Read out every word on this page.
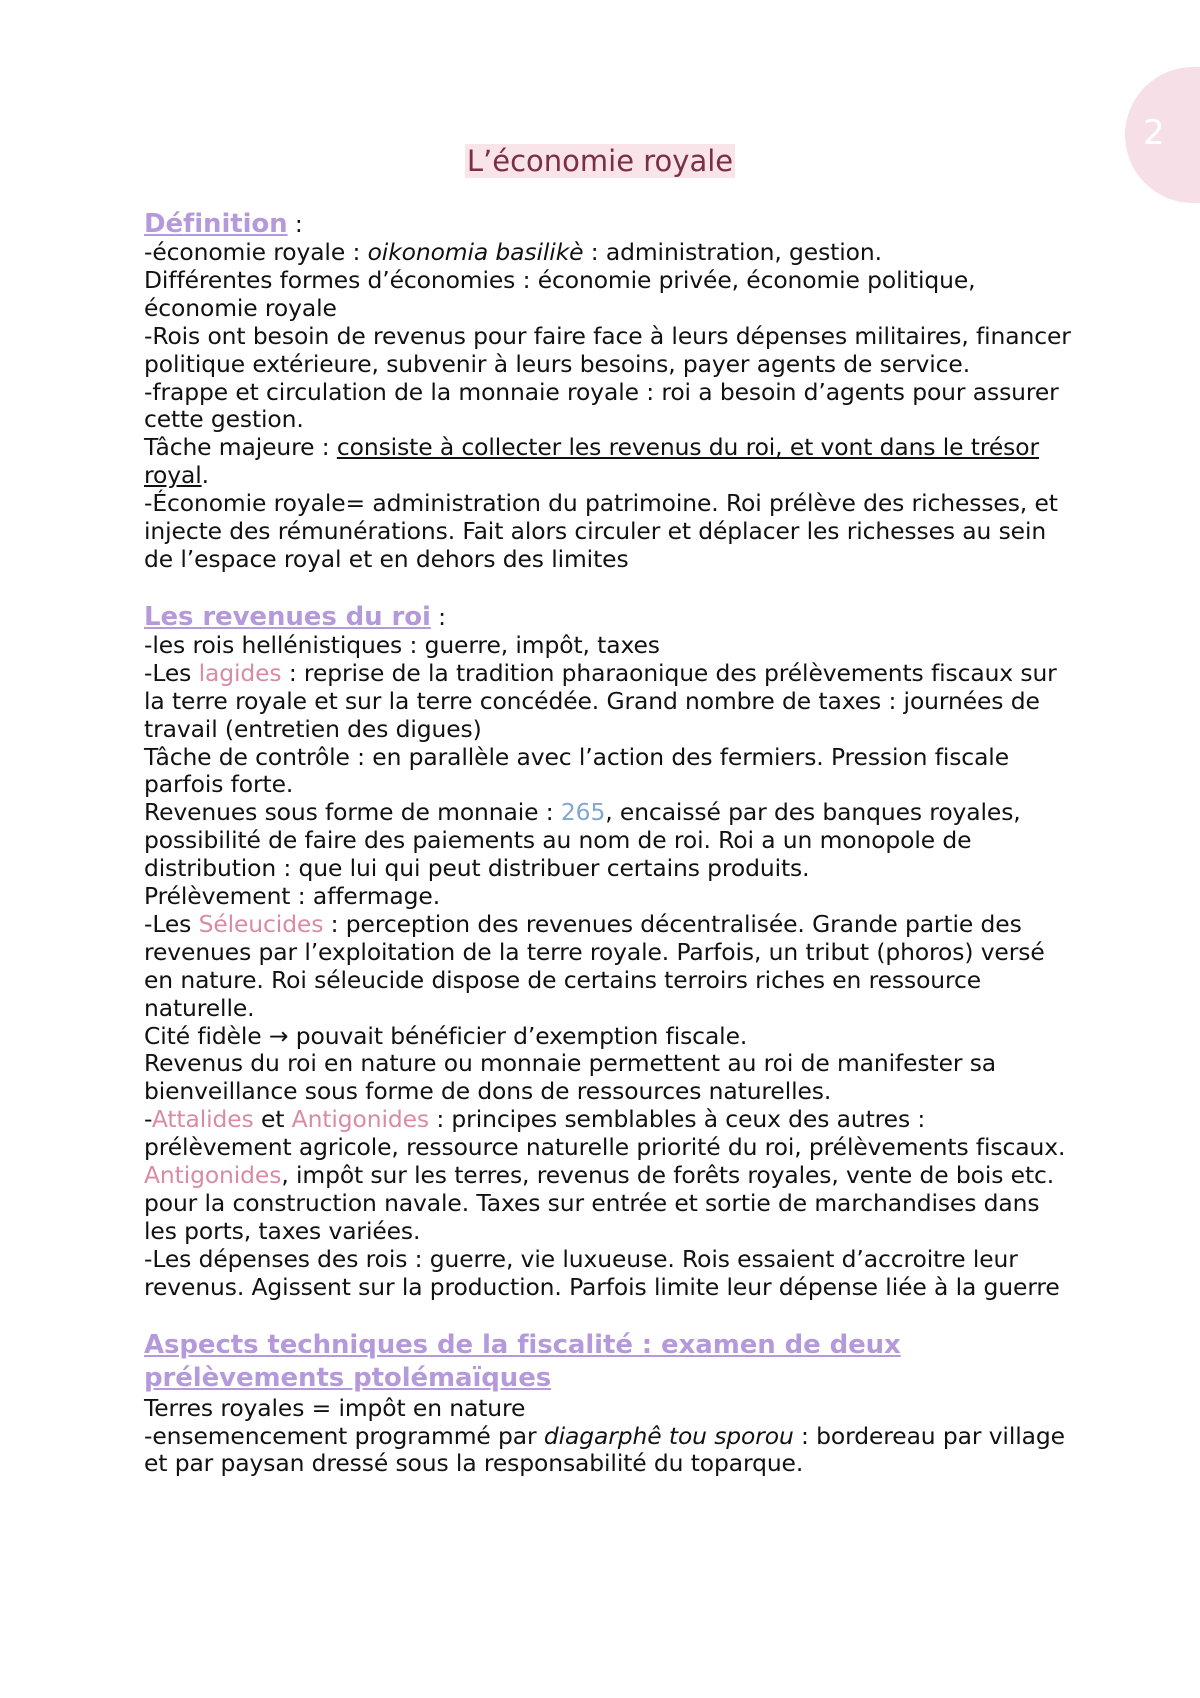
2
L’économie royale

Définition :

-économie royale : oikonomia basilikè : administration, gestion.

Différentes formes d’économies : économie privée, économie politique, économie royale

-Rois ont besoin de revenus pour faire face à leurs dépenses militaires, financer politique extérieure, subvenir à leurs besoins, payer agents de service.

-frappe et circulation de la monnaie royale : roi a besoin d’agents pour assurer cette gestion.

Tâche majeure : consiste à collecter les revenus du roi, et vont dans le trésor royal.

-Économie royale= administration du patrimoine. Roi prélève des richesses, et injecte des rémunérations. Fait alors circuler et déplacer les richesses au sein de l’espace royal et en dehors des limites

Les revenues du roi :

-les rois hellénistiques : guerre, impôt, taxes

-Les lagides : reprise de la tradition pharaonique des prélèvements fiscaux sur la terre royale et sur la terre concédée. Grand nombre de taxes : journées de travail (entretien des digues)

Tâche de contrôle : en parallèle avec l’action des fermiers. Pression fiscale parfois forte.

Revenues sous forme de monnaie : 265, encaissé par des banques royales, possibilité de faire des paiements au nom de roi. Roi a un monopole de distribution : que lui qui peut distribuer certains produits.

Prélèvement : affermage.

-Les Séleucides : perception des revenues décentralisée. Grande partie des revenues par l’exploitation de la terre royale. Parfois, un tribut (phoros) versé en nature. Roi séleucide dispose de certains terroirs riches en ressource naturelle.

Cité fidèle → pouvait bénéficier d’exemption fiscale.

Revenus du roi en nature ou monnaie permettent au roi de manifester sa bienveillance sous forme de dons de ressources naturelles.

-Attalides et Antigonides : principes semblables à ceux des autres : prélèvement agricole, ressource naturelle priorité du roi, prélèvements fiscaux. Antigonides, impôt sur les terres, revenus de forêts royales, vente de bois etc. pour la construction navale. Taxes sur entrée et sortie de marchandises dans les ports, taxes variées.

-Les dépenses des rois : guerre, vie luxueuse. Rois essaient d’accroitre leur revenus. Agissent sur la production. Parfois limite leur dépense liée à la guerre

Aspects techniques de la fiscalité : examen de deux prélèvements ptolémaïques

Terres royales = impôt en nature

-ensemencement programmé par diagarphê tou sporou : bordereau par village et par paysan dressé sous la responsabilité du toparque.
